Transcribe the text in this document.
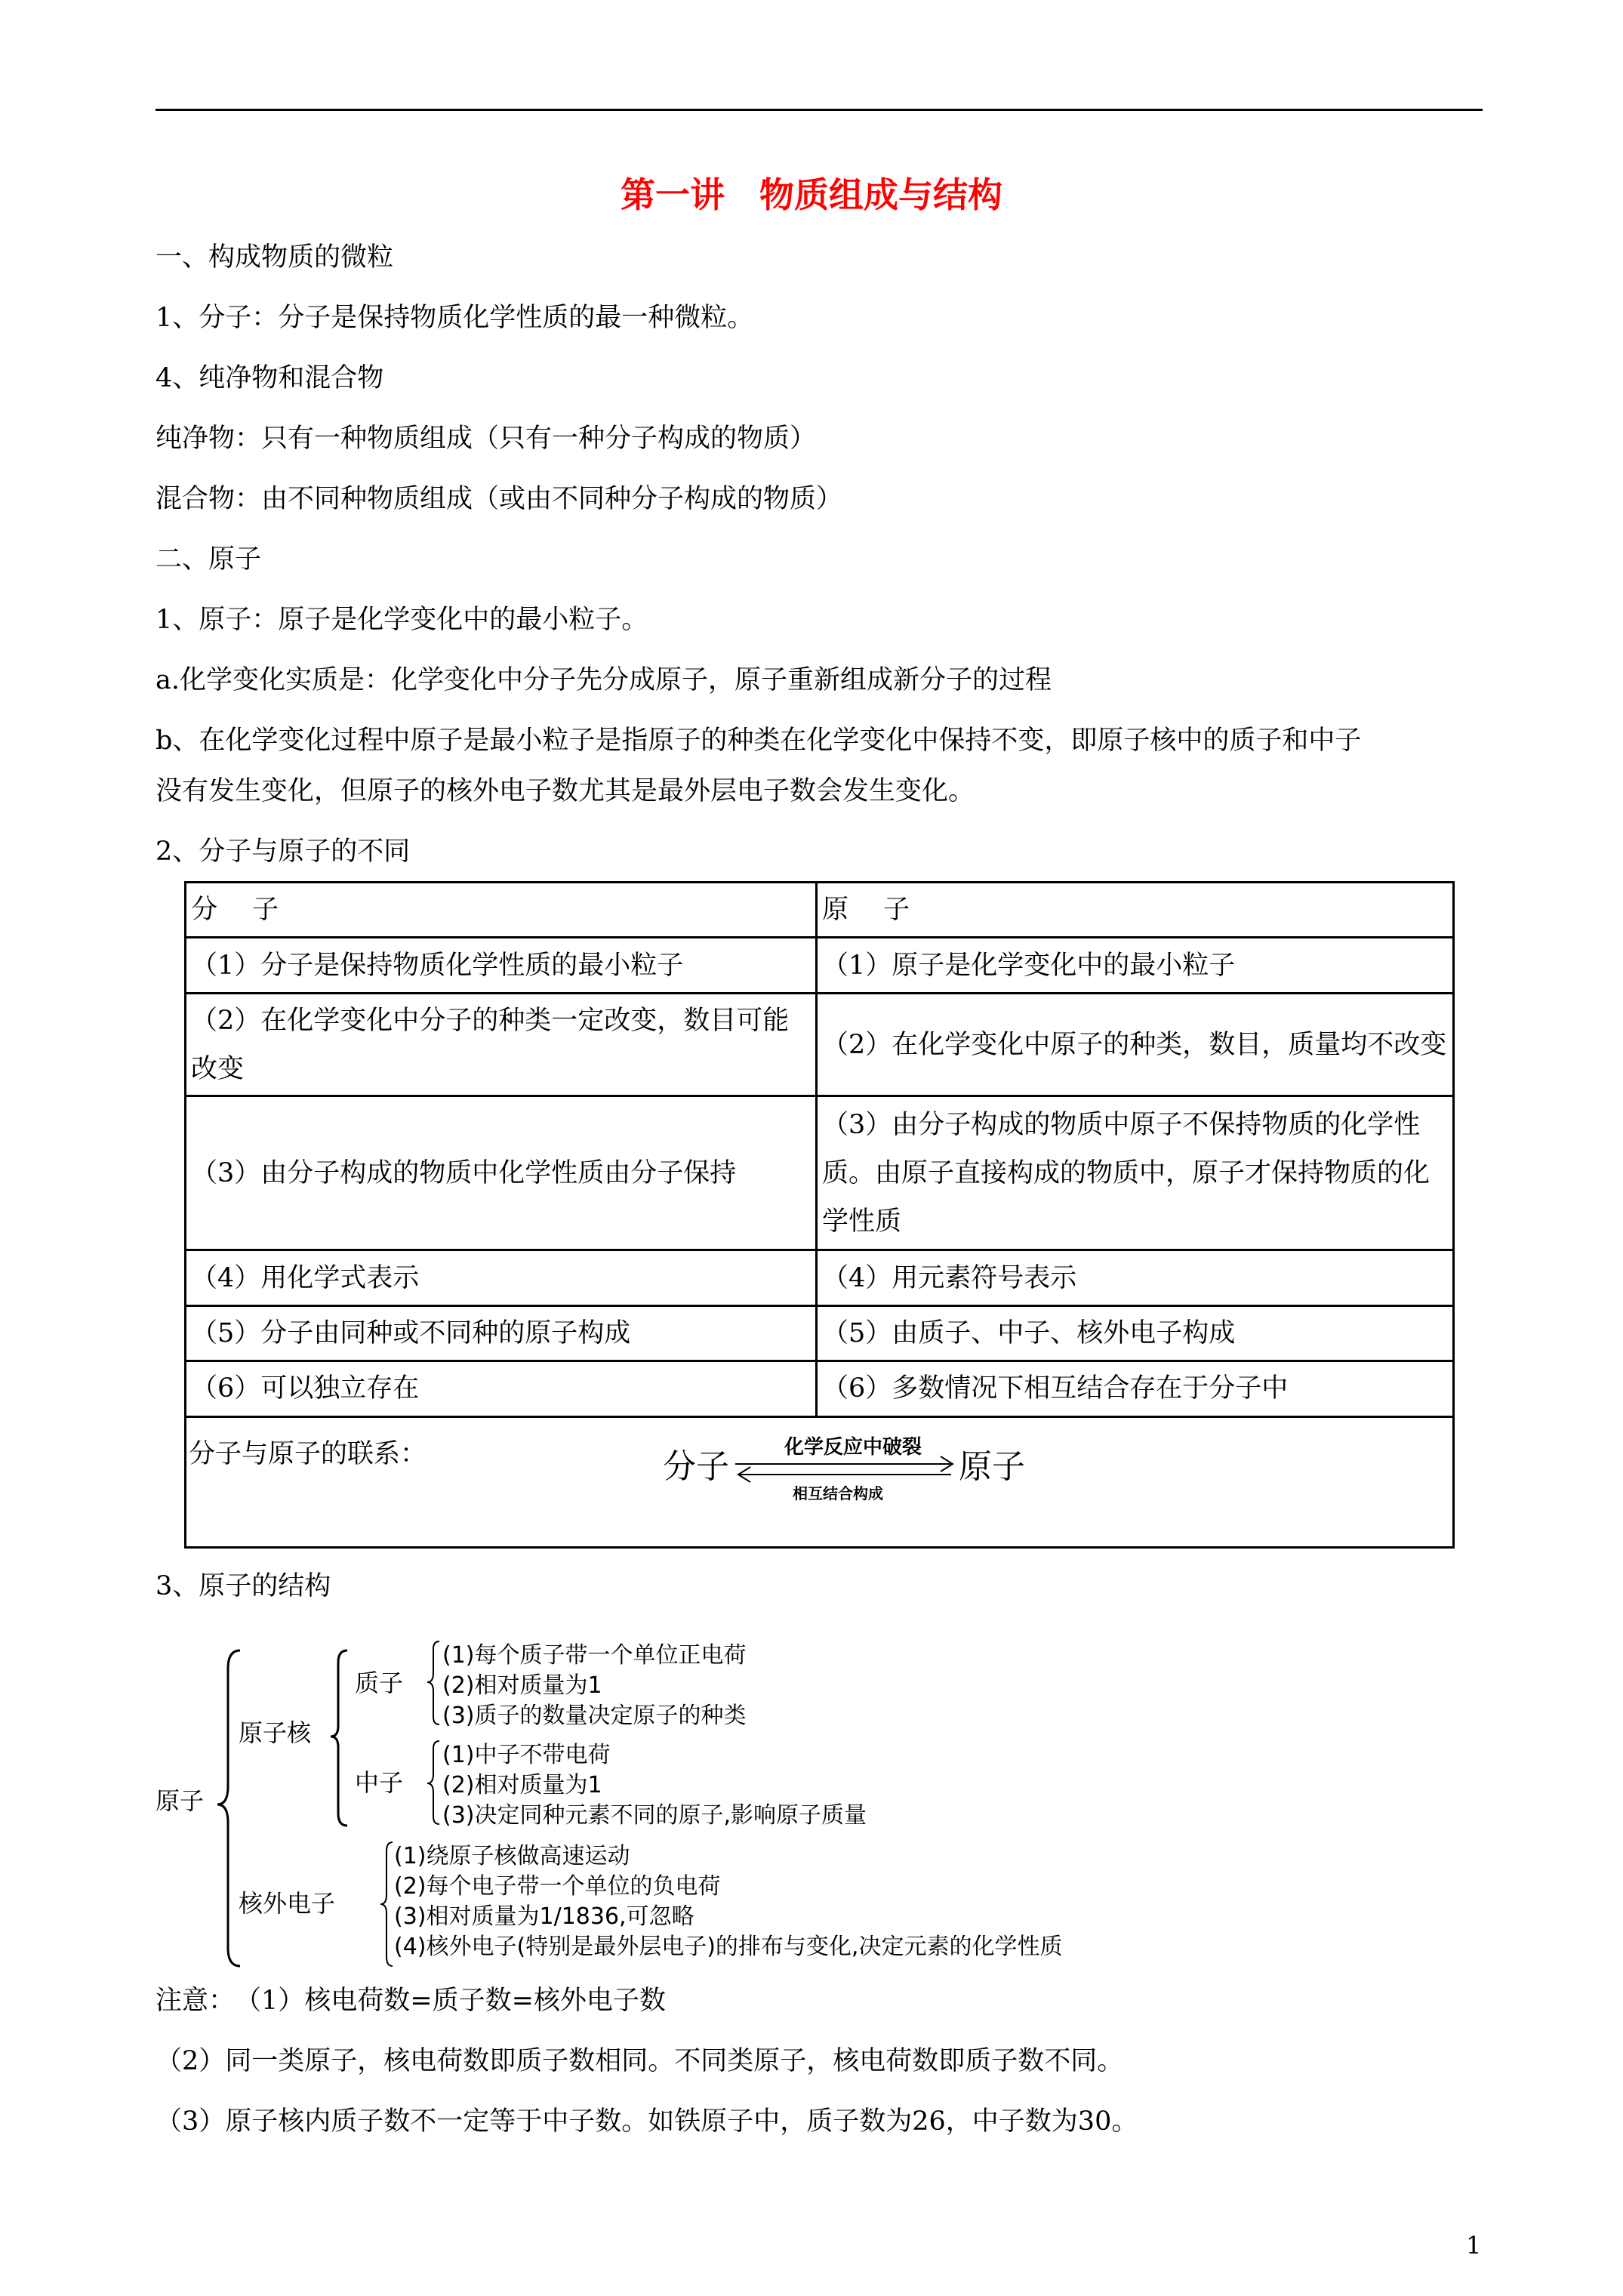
第一讲　物质组成与结构
一、构成物质的微粒
1、分子：分子是保持物质化学性质的最一种微粒。
4、纯净物和混合物
纯净物：只有一种物质组成（只有一种分子构成的物质）
混合物：由不同种物质组成（或由不同种分子构成的物质）
二、原子
1、原子：原子是化学变化中的最小粒子。
a.化学变化实质是：化学变化中分子先分成原子，原子重新组成新分子的过程
b、在化学变化过程中原子是最小粒子是指原子的种类在化学变化中保持不变，即原子核中的质子和中子
没有发生变化，但原子的核外电子数尤其是最外层电子数会发生变化。
2、分子与原子的不同
分　 子	原　 子
（1）分子是保持物质化学性质的最小粒子	（1）原子是化学变化中的最小粒子
（2）在化学变化中分子的种类一定改变，数目可能改变	（2）在化学变化中原子的种类，数目，质量均不改变
（3）由分子构成的物质中化学性质由分子保持	（3）由分子构成的物质中原子不保持物质的化学性质。由原子直接构成的物质中，原子才保持物质的化学性质
（4）用化学式表示	（4）用元素符号表示
（5）分子由同种或不同种的原子构成	（5）由质子、中子、核外电子构成
（6）可以独立存在	（6）多数情况下相互结合存在于分子中

分子与原子的联系：	分子	原子
化学反应中破裂
相互结合构成
3、原子的结构
原子
原子核
质子
(1)每个质子带一个单位正电荷
(2)相对质量为1
(3)质子的数量决定原子的种类
中子
(1)中子不带电荷
(2)相对质量为1
(3)决定同种元素不同的原子,影响原子质量
核外电子
(1)绕原子核做高速运动
(2)每个电子带一个单位的负电荷
(3)相对质量为1/1836,可忽略
(4)核外电子(特别是最外层电子)的排布与变化,决定元素的化学性质
注意：　（1）核电荷数=质子数=核外电子数
（2）同一类原子，核电荷数即质子数相同。不同类原子，核电荷数即质子数不同。
（3）原子核内质子数不一定等于中子数。如铁原子中，质子数为26，中子数为30。
1
